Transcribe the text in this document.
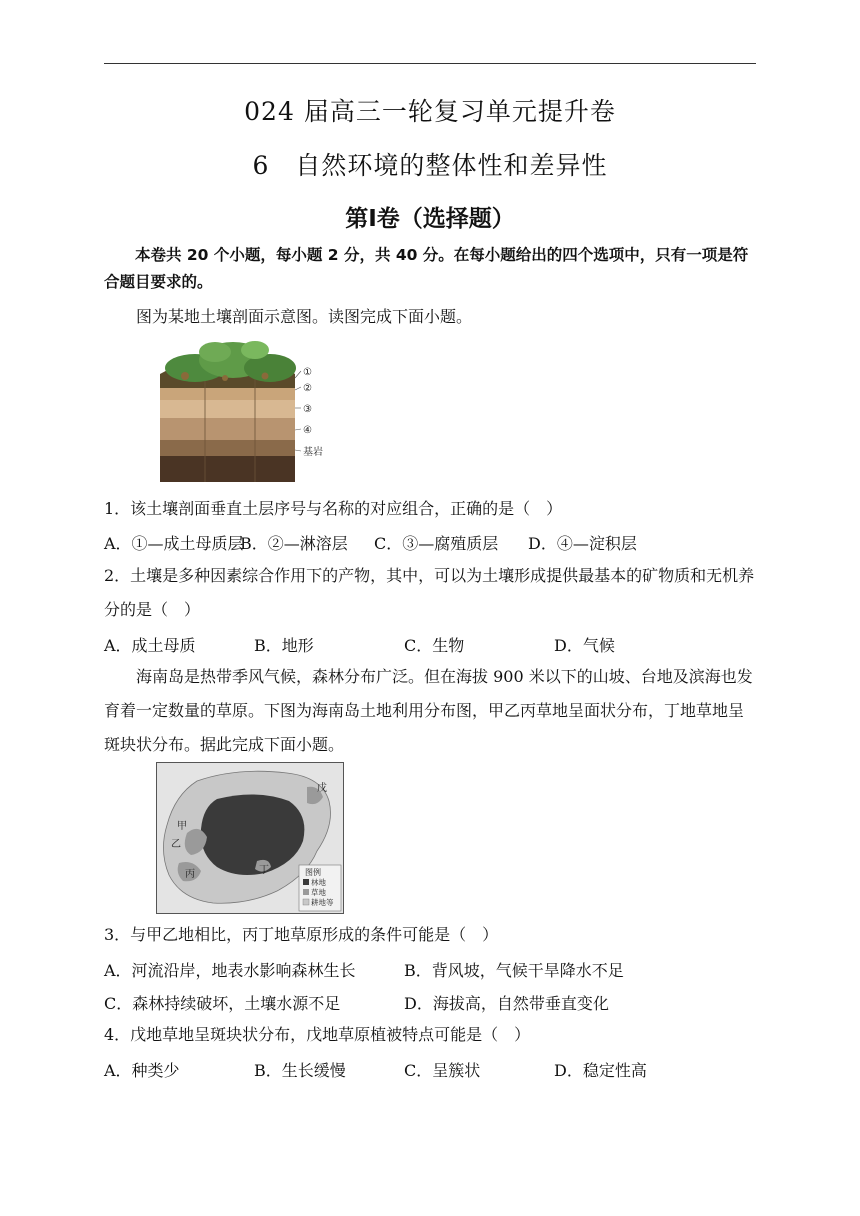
024 届高三一轮复习单元提升卷
6　自然环境的整体性和差异性
第Ⅰ卷（选择题）
本卷共 20 个小题，每小题 2 分，共 40 分。在每小题给出的四个选项中，只有一项是符合题目要求的。
图为某地土壤剖面示意图。读图完成下面小题。
①
②
③
④
基岩
1．该土壤剖面垂直土层序号与名称的对应组合，正确的是（　）
A．①—成土母质层
B．②—淋溶层 C．③—腐殖质层 D．④—淀积层
2．土壤是多种因素综合作用下的产物，其中，可以为土壤形成提供最基本的矿物质和无机养分的是（　）
A．成土母质	B．地形	C．生物	D．气候
海南岛是热带季风气候，森林分布广泛。但在海拔 900 米以下的山坡、台地及滨海也发育着一定数量的草原。下图为海南岛土地利用分布图，甲乙丙草地呈面状分布，丁地草地呈斑块状分布。据此完成下面小题。
戊
甲
乙
丙	丁	图例
林地
草地
耕地等
3．与甲乙地相比，丙丁地草原形成的条件可能是（　）
A．河流沿岸，地表水影响森林生长	B．背风坡，气候干旱降水不足
C．森林持续破坏，土壤水源不足	D．海拔高，自然带垂直变化
4．戊地草地呈斑块状分布，戊地草原植被特点可能是（　）
A．种类少	B．生长缓慢	C．呈簇状	D．稳定性高
